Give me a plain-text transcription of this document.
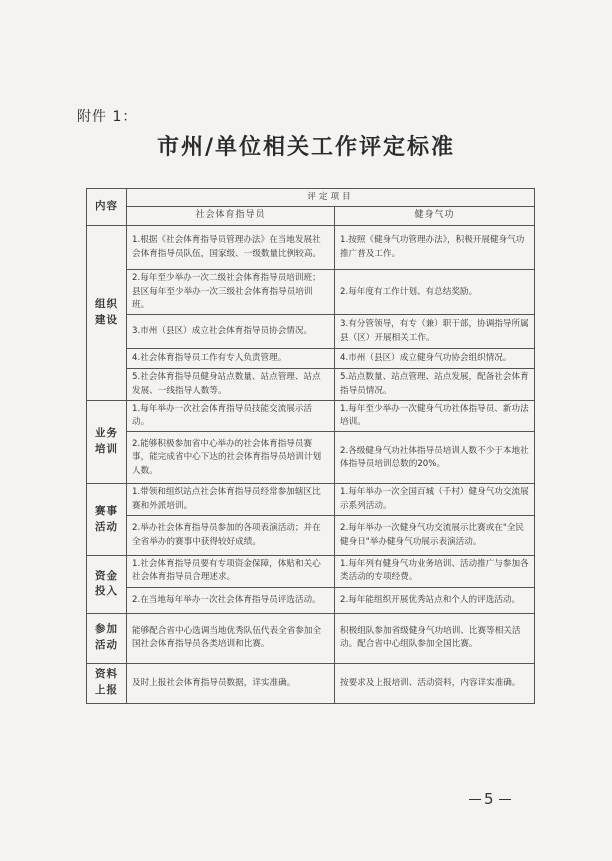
附件 1：
市州/单位相关工作评定标准
内容	评定项目	
	社会体育指导员	健身气功
组织建设	1.根据《社会体育指导员管理办法》在当地发展社会体育指导员队伍，国家级、一级数量比例较高。	1.按照《健身气功管理办法》，积极开展健身气功推广普及工作。
	2.每年至少举办一次二级社会体育指导员培训班；县区每年至少举办一次三级社会体育指导员培训班。	2.每年度有工作计划、有总结奖励。
	3.市州（县区）成立社会体育指导员协会情况。	3.有分管领导，有专（兼）职干部，协调指导所属县（区）开展相关工作。
	4.社会体育指导员工作有专人负责管理。	4.市州（县区）成立健身气功协会组织情况。
	5.社会体育指导员健身站点数量、站点管理、站点发展、一线指导人数等。	5.站点数量、站点管理、站点发展，配备社会体育指导员情况。
业务培训	1.每年举办一次社会体育指导员技能交流展示活动。	1.每年至少举办一次健身气功社体指导员、新功法培训。
	2.能够积极参加省中心举办的社会体育指导员赛事，能完成省中心下达的社会体育指导员培训计划人数。	2.各级健身气功社体指导员培训人数不少于本地社体指导员培训总数的20%。
赛事活动	1.带领和组织站点社会体育指导员经常参加辖区比赛和外派培训。	1.每年举办一次全国百城（千村）健身气功交流展示系列活动。
	2.举办社会体育指导员参加的各项表演活动；并在全省举办的赛事中获得较好成绩。	2.每年举办一次健身气功交流展示比赛或在"全民健身日"举办健身气功展示表演活动。
资金投入	1.社会体育指导员要有专项资金保障，体贴和关心社会体育指导员合理述求。	1.每年列有健身气功业务培训、活动推广与参加各类活动的专项经费。
	2.在当地每年举办一次社会体育指导员评选活动。	2.每年能组织开展优秀站点和个人的评选活动。
参加活动	能够配合省中心选调当地优秀队伍代表全省参加全国社会体育指导员各类培训和比赛。	积极组队参加省级健身气功培训、比赛等相关活动。配合省中心组队参加全国比赛。
资料上报	及时上报社会体育指导员数据，详实准确。	按要求及上报培训、活动资料，内容详实准确。
5
